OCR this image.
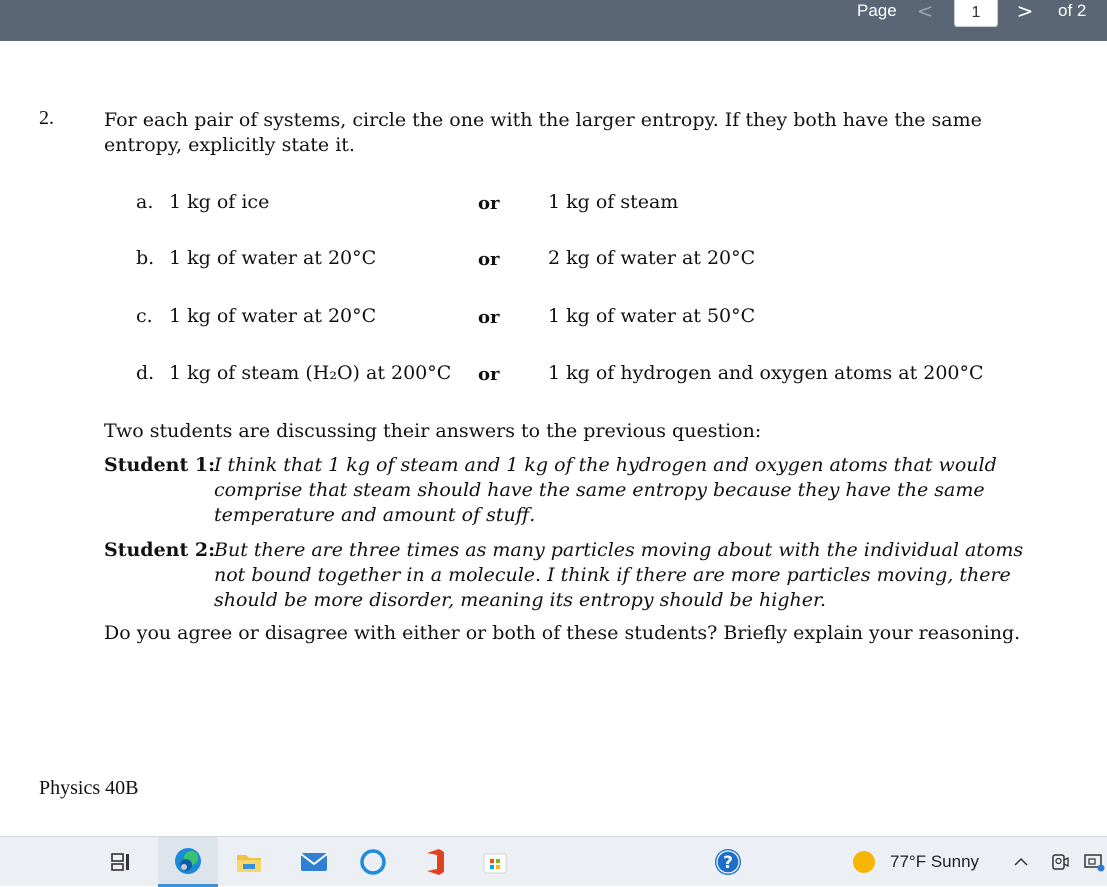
Page <	1	> of 2
2.	For each pair of systems, circle the one with the larger entropy. If they both have the same entropy, explicitly state it.
a. 1 kg of ice	or	1 kg of steam
b. 1 kg of water at 20°C	or	2 kg of water at 20°C
c. 1 kg of water at 20°C	or	1 kg of water at 50°C
d. 1 kg of steam (H₂O) at 200°C or	1 kg of hydrogen and oxygen atoms at 200°C
Two students are discussing their answers to the previous question:
Student 1:
I think that 1 kg of steam and 1 kg of the hydrogen and oxygen atoms that would comprise that steam should have the same entropy because they have the same temperature and amount of stuff.
Student 2:
But there are three times as many particles moving about with the individual atoms not bound together in a molecule. I think if there are more particles moving, there should be more disorder, meaning its entropy should be higher.
Do you agree or disagree with either or both of these students? Briefly explain your reasoning.
Physics 40B
?	77°F Sunny
